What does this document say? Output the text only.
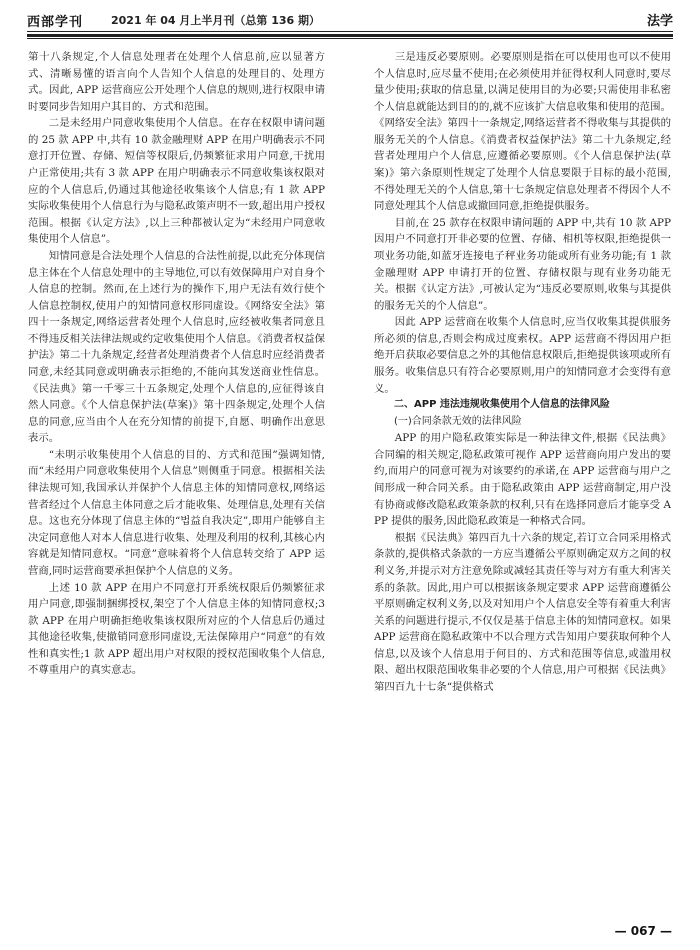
西部学刊	2021 年 04 月上半月刊（总第 136 期）	法学

第十八条规定,个人信息处理者在处理个人信息前,应以显著方式、清晰易懂的语言向个人告知个人信息的处理目的、处理方式。因此, APP 运营商应公开处理个人信息的规则,进行权限申请时要同步告知用户其目的、方式和范围。

二是未经用户同意收集使用个人信息。在存在权限申请问题的 25 款 APP 中,共有 10 款金融理财 APP 在用户明确表示不同意打开位置、存储、短信等权限后,仍频繁征求用户同意,干扰用户正常使用;共有 3 款 APP 在用户明确表示不同意收集该权限对应的个人信息后,仍通过其他途径收集该个人信息;有 1 款 APP 实际收集使用个人信息行为与隐私政策声明不一致,超出用户授权范围。根据《认定方法》,以上三种都被认定为“未经用户同意收集使用个人信息”。

知情同意是合法处理个人信息的合法性前提,以此充分体现信息主体在个人信息处理中的主导地位,可以有效保障用户对自身个人信息的控制。然而,在上述行为的操作下,用户无法有效行使个人信息控制权,使用户的知情同意权形同虚设。《网络安全法》第四十一条规定,网络运营者处理个人信息时,应经被收集者同意且不得违反相关法律法规或约定收集使用个人信息。《消费者权益保护法》第二十九条规定,经营者处理消费者个人信息时应经消费者同意,未经其同意或明确表示拒绝的,不能向其发送商业性信息。《民法典》第一千零三十五条规定,处理个人信息的,应征得该自然人同意。《个人信息保护法(草案)》第十四条规定,处理个人信息的同意,应当由个人在充分知情的前提下,自愿、明确作出意思表示。

“未明示收集使用个人信息的目的、方式和范围”强调知情,而“未经用户同意收集使用个人信息”则侧重于同意。根据相关法律法规可知,我国承认并保护个人信息主体的知情同意权,网络运营者经过个人信息主体同意之后才能收集、处理信息,处理有关信息。这也充分体现了信息主体的“법益自我决定”,即用户能够自主决定同意他人对本人信息进行收集、处理及利用的权利,其核心内容就是知情同意权。“同意”意味着将个人信息转交给了 APP 运营商,同时运营商要承担保护个人信息的义务。

上述 10 款 APP 在用户不同意打开系统权限后仍频繁征求用户同意,即强制捆绑授权,架空了个人信息主体的知情同意权;3 款 APP 在用户明确拒绝收集该权限所对应的个人信息后仍通过其他途径收集,使撤销同意形同虚设,无法保障用户“同意”的有效性和真实性;1 款 APP 超出用户对权限的授权范围收集个人信息,不尊重用户的真实意志。

三是违反必要原则。必要原则是指在可以使用也可以不使用个人信息时,应尽量不使用;在必须使用并征得权利人同意时,要尽量少使用;获取的信息量,以满足使用目的为必要;只需使用非私密个人信息就能达到目的的,就不应该扩大信息收集和使用的范围。《网络安全法》第四十一条规定,网络运营者不得收集与其提供的服务无关的个人信息。《消费者权益保护法》第二十九条规定,经营者处理用户个人信息,应遵循必要原则。《个人信息保护法(草案)》第六条原则性规定了处理个人信息要限于目标的最小范围,不得处理无关的个人信息,第十七条规定信息处理者不得因个人不同意处理其个人信息或撤回同意,拒绝提供服务。

目前,在 25 款存在权限申请问题的 APP 中,共有 10 款 APP 因用户不同意打开非必要的位置、存储、相机等权限,拒绝提供一项业务功能,如蓝牙连接电子秤业务功能或所有业务功能;有 1 款金融理财 APP 申请打开的位置、存储权限与现有业务功能无关。根据《认定方法》,可被认定为“违反必要原则,收集与其提供的服务无关的个人信息”。

因此 APP 运营商在收集个人信息时,应当仅收集其提供服务所必须的信息,否则会构成过度索权。APP 运营商不得因用户拒绝开启获取必要信息之外的其他信息权限后,拒绝提供该项或所有服务。收集信息只有符合必要原则,用户的知情同意才会变得有意义。

二、APP 违法违规收集使用个人信息的法律风险
(一)合同条款无效的法律风险

APP 的用户隐私政策实际是一种法律文件,根据《民法典》合同编的相关规定,隐私政策可视作 APP 运营商向用户发出的要约,而用户的同意可视为对该要约的承诺,在 APP 运营商与用户之间形成一种合同关系。由于隐私政策由 APP 运营商制定,用户没有协商或修改隐私政策条款的权利,只有在选择同意后才能享受 APP 提供的服务,因此隐私政策是一种格式合同。

根据《民法典》第四百九十六条的规定,若订立合同采用格式条款的,提供格式条款的一方应当遵循公平原则确定双方之间的权利义务,并提示对方注意免除或减轻其责任等与对方有重大利害关系的条款。因此,用户可以根据该条规定要求 APP 运营商遵循公平原则确定权利义务,以及对知用户个人信息安全等有着重大利害关系的问题进行提示,不仅仅是基于信息主体的知情同意权。如果 APP 运营商在隐私政策中不以合理方式告知用户要获取何种个人信息,以及该个人信息用于何目的、方式和范围等信息,或滥用权限、超出权限范围收集非必要的个人信息,用户可根据《民法典》第四百九十七条“提供格式

— 067 —
